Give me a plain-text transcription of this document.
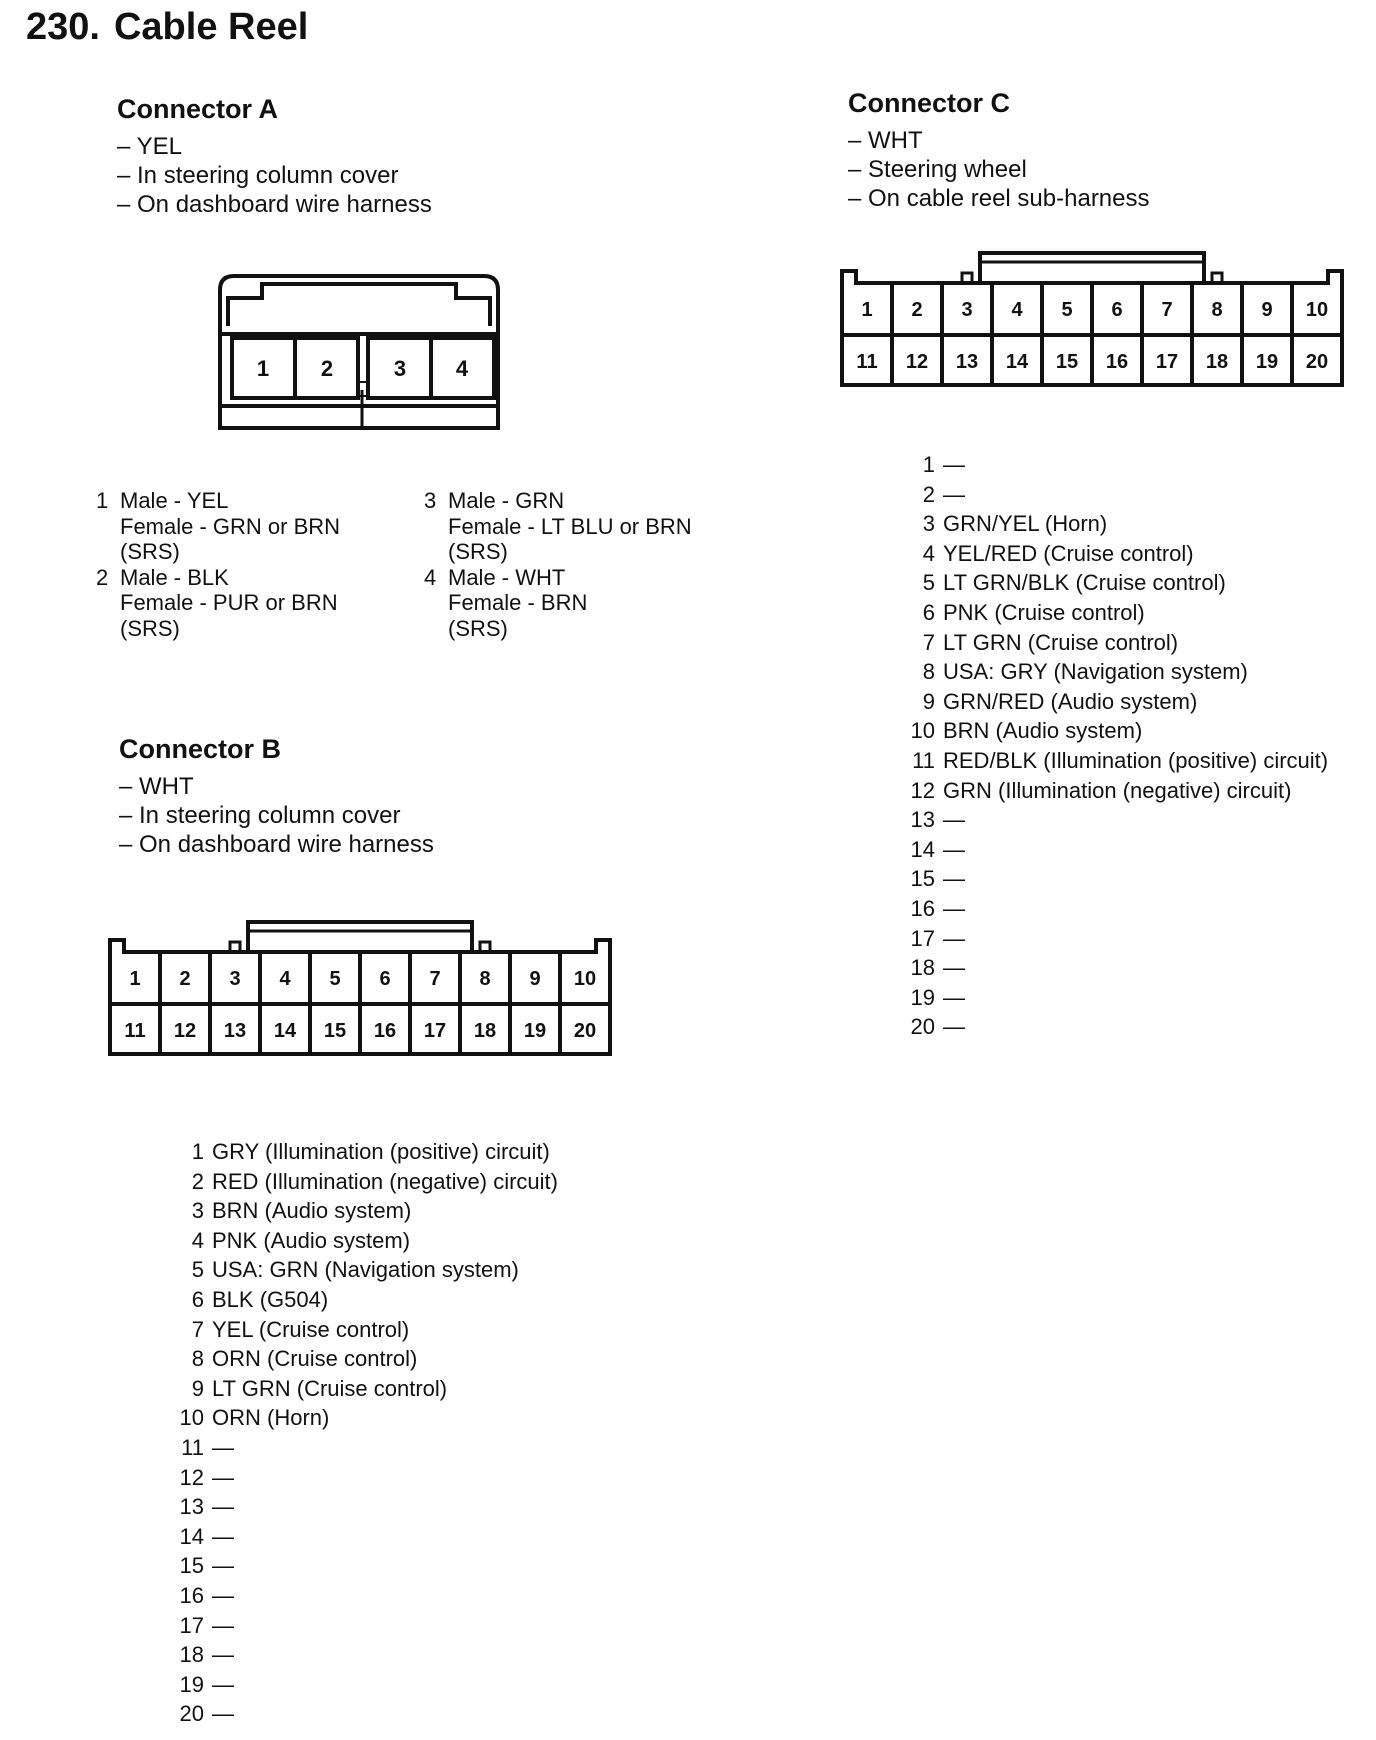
230. Cable Reel
Connector A
– YEL
– In steering column cover
– On dashboard wire harness
1 2	3 4
1 Male - YEL
Female - GRN or BRN
(SRS)
2 Male - BLK
Female - PUR or BRN
(SRS)
3 Male - GRN
Female - LT BLU or BRN
(SRS)
4 Male - WHT
Female - BRN
(SRS)
Connector B
– WHT
– In steering column cover
– On dashboard wire harness
1 2 3 4 5 6 7 8 9 10
11 12 13 14 15 16 17 18 19 20
1 GRY (Illumination (positive) circuit)
2 RED (Illumination (negative) circuit)
3 BRN (Audio system)
4 PNK (Audio system)
5 USA: GRN (Navigation system)
6 BLK (G504)
7 YEL (Cruise control)
8 ORN (Cruise control)
9 LT GRN (Cruise control)
10 ORN (Horn)
11 —
12 —
13 —
14 —
15 —
16 —
17 —
18 —
19 —
20 —
Connector C
– WHT
– Steering wheel
– On cable reel sub-harness
1 2 3 4 5 6 7 8 9 10
11 12 13 14 15 16 17 18 19 20
1 —
2 —
3 GRN/YEL (Horn)
4 YEL/RED (Cruise control)
5 LT GRN/BLK (Cruise control)
6 PNK (Cruise control)
7 LT GRN (Cruise control)
8 USA: GRY (Navigation system)
9 GRN/RED (Audio system)
10 BRN (Audio system)
11 RED/BLK (Illumination (positive) circuit)
12 GRN (Illumination (negative) circuit)
13 —
14 —
15 —
16 —
17 —
18 —
19 —
20 —
